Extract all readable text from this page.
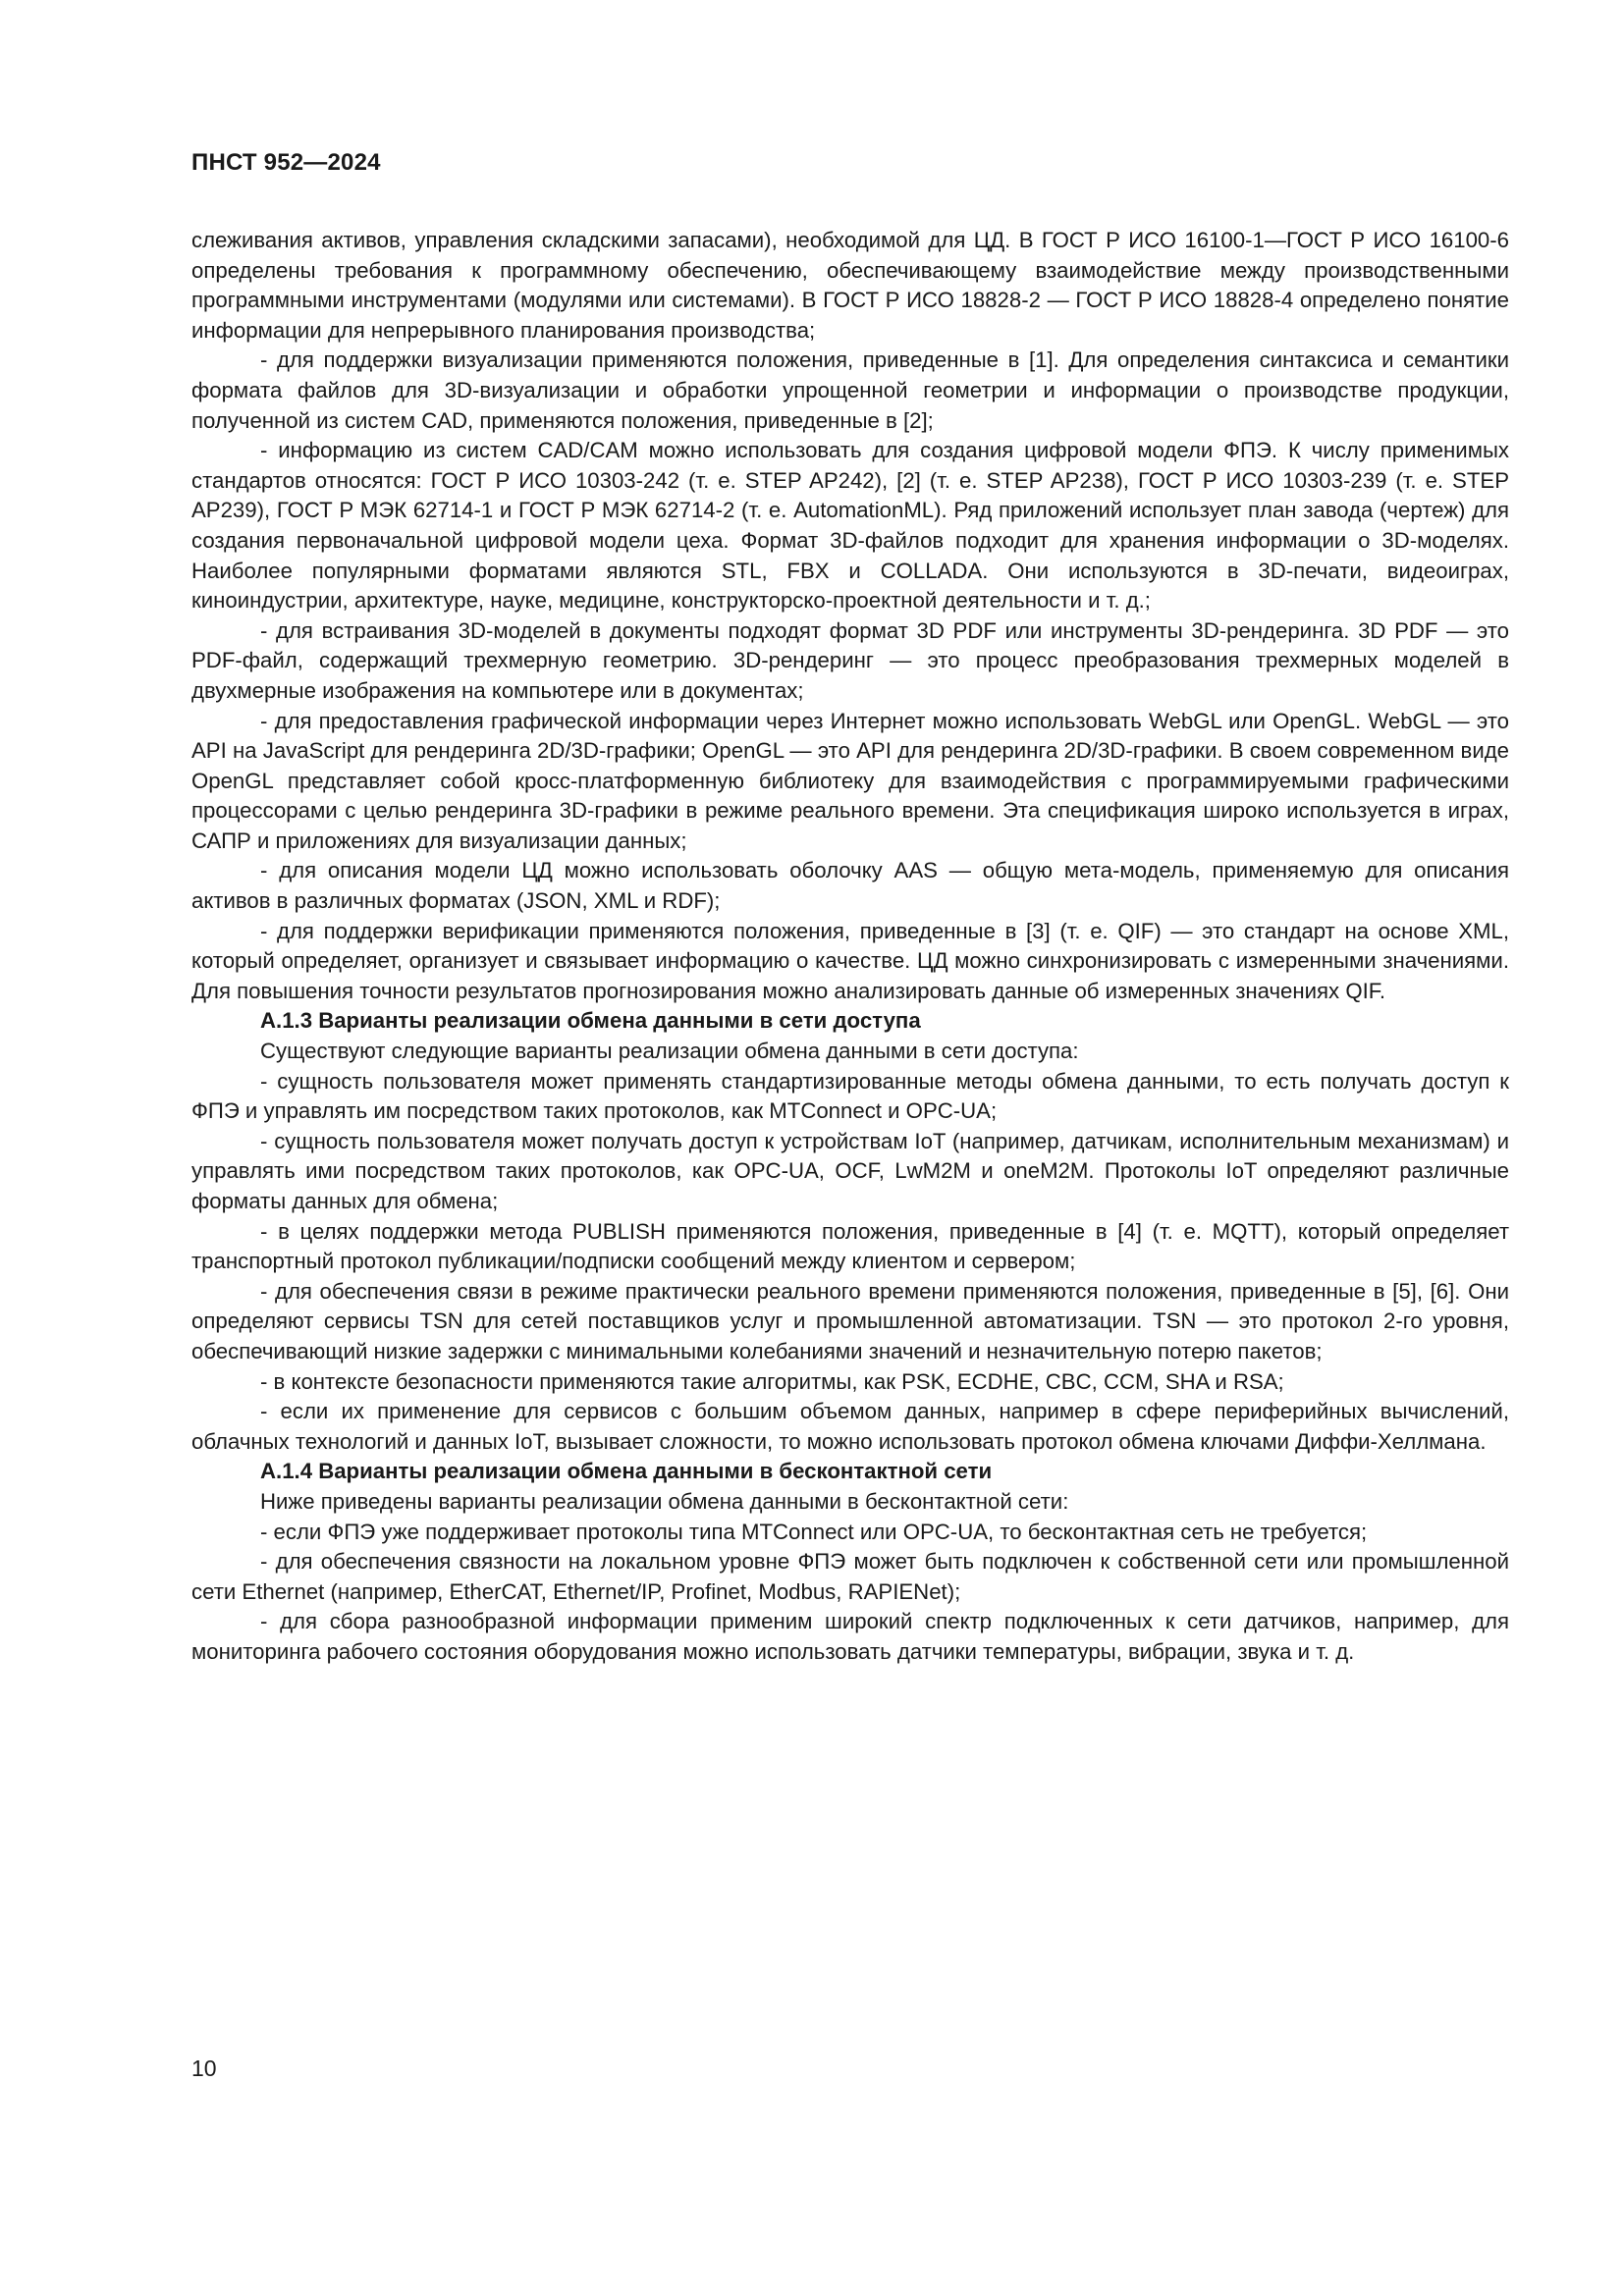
ПНСТ 952—2024

слеживания активов, управления складскими запасами), необходимой для ЦД. В ГОСТ Р ИСО 16100-1—ГОСТ Р ИСО 16100-6 определены требования к программному обеспечению, обеспечивающему взаимодействие между производственными программными инструментами (модулями или системами). В ГОСТ Р ИСО 18828-2 — ГОСТ Р ИСО 18828-4 определено понятие информации для непрерывного планирования производства;

- для поддержки визуализации применяются положения, приведенные в [1]. Для определения синтаксиса и семантики формата файлов для 3D-визуализации и обработки упрощенной геометрии и информации о производстве продукции, полученной из систем CAD, применяются положения, приведенные в [2];

- информацию из систем CAD/CAM можно использовать для создания цифровой модели ФПЭ. К числу применимых стандартов относятся: ГОСТ Р ИСО 10303-242 (т. е. STEP AP242), [2] (т. е. STEP AP238), ГОСТ Р ИСО 10303-239 (т. е. STEP AP239), ГОСТ Р МЭК 62714-1 и ГОСТ Р МЭК 62714-2 (т. е. AutomationML). Ряд приложений использует план завода (чертеж) для создания первоначальной цифровой модели цеха. Формат 3D-файлов подходит для хранения информации о 3D-моделях. Наиболее популярными форматами являются STL, FBX и COLLADA. Они используются в 3D-печати, видеоиграх, киноиндустрии, архитектуре, науке, медицине, конструкторско-проектной деятельности и т. д.;

- для встраивания 3D-моделей в документы подходят формат 3D PDF или инструменты 3D-рендеринга. 3D PDF — это PDF-файл, содержащий трехмерную геометрию. 3D-рендеринг — это процесс преобразования трехмерных моделей в двухмерные изображения на компьютере или в документах;

- для предоставления графической информации через Интернет можно использовать WebGL или OpenGL. WebGL — это API на JavaScript для рендеринга 2D/3D-графики; OpenGL — это API для рендеринга 2D/3D-графики. В своем современном виде OpenGL представляет собой кросс-платформенную библиотеку для взаимодействия с программируемыми графическими процессорами с целью рендеринга 3D-графики в режиме реального времени. Эта спецификация широко используется в играх, САПР и приложениях для визуализации данных;

- для описания модели ЦД можно использовать оболочку AAS — общую мета-модель, применяемую для описания активов в различных форматах (JSON, XML и RDF);

- для поддержки верификации применяются положения, приведенные в [3] (т. е. QIF) — это стандарт на основе XML, который определяет, организует и связывает информацию о качестве. ЦД можно синхронизировать с измеренными значениями. Для повышения точности результатов прогнозирования можно анализировать данные об измеренных значениях QIF.

А.1.3 Варианты реализации обмена данными в сети доступа

Существуют следующие варианты реализации обмена данными в сети доступа:

- сущность пользователя может применять стандартизированные методы обмена данными, то есть получать доступ к ФПЭ и управлять им посредством таких протоколов, как MTConnect и OPC-UA;

- сущность пользователя может получать доступ к устройствам IoT (например, датчикам, исполнительным механизмам) и управлять ими посредством таких протоколов, как OPC-UA, OCF, LwM2M и oneM2M. Протоколы IoT определяют различные форматы данных для обмена;

- в целях поддержки метода PUBLISH применяются положения, приведенные в [4] (т. е. MQTT), который определяет транспортный протокол публикации/подписки сообщений между клиентом и сервером;

- для обеспечения связи в режиме практически реального времени применяются положения, приведенные в [5], [6]. Они определяют сервисы TSN для сетей поставщиков услуг и промышленной автоматизации. TSN — это протокол 2-го уровня, обеспечивающий низкие задержки с минимальными колебаниями значений и незначительную потерю пакетов;

- в контексте безопасности применяются такие алгоритмы, как PSK, ECDHE, CBC, CCM, SHA и RSA;

- если их применение для сервисов с большим объемом данных, например в сфере периферийных вычислений, облачных технологий и данных IoT, вызывает сложности, то можно использовать протокол обмена ключами Диффи-Хеллмана.

А.1.4 Варианты реализации обмена данными в бесконтактной сети

Ниже приведены варианты реализации обмена данными в бесконтактной сети:

- если ФПЭ уже поддерживает протоколы типа MTConnect или OPC-UA, то бесконтактная сеть не требуется;

- для обеспечения связности на локальном уровне ФПЭ может быть подключен к собственной сети или промышленной сети Ethernet (например, EtherCAT, Ethernet/IP, Profinet, Modbus, RAPIENet);

- для сбора разнообразной информации применим широкий спектр подключенных к сети датчиков, например, для мониторинга рабочего состояния оборудования можно использовать датчики температуры, вибрации, звука и т. д.

10
